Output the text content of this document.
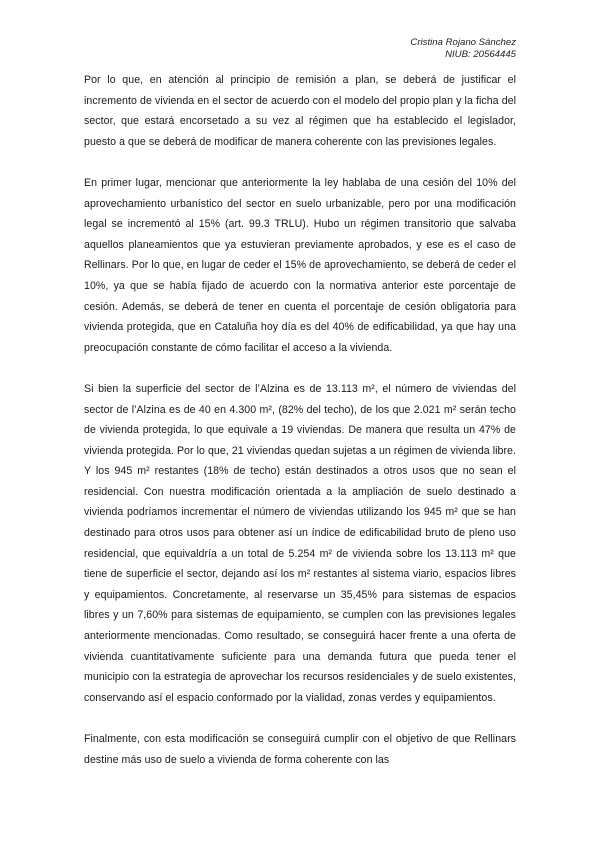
Cristina Rojano Sánchez
NIUB: 20564445

Por lo que, en atención al principio de remisión a plan, se deberá de justificar el incremento de vivienda en el sector de acuerdo con el modelo del propio plan y la ficha del sector, que estará encorsetado a su vez al régimen que ha establecido el legislador, puesto a que se deberá de modificar de manera coherente con las previsiones legales.

En primer lugar, mencionar que anteriormente la ley hablaba de una cesión del 10% del aprovechamiento urbanístico del sector en suelo urbanizable, pero por una modificación legal se incrementó al 15% (art. 99.3 TRLU). Hubo un régimen transitorio que salvaba aquellos planeamientos que ya estuvieran previamente aprobados, y ese es el caso de Rellinars. Por lo que, en lugar de ceder el 15% de aprovechamiento, se deberá de ceder el 10%, ya que se había fijado de acuerdo con la normativa anterior este porcentaje de cesión. Además, se deberá de tener en cuenta el porcentaje de cesión obligatoria para vivienda protegida, que en Cataluña hoy día es del 40% de edificabilidad, ya que hay una preocupación constante de cómo facilitar el acceso a la vivienda.

Si bien la superficie del sector de l’Alzina es de 13.113 m², el número de viviendas del sector de l’Alzina es de 40 en 4.300 m², (82% del techo), de los que 2.021 m² serán techo de vivienda protegida, lo que equivale a 19 viviendas. De manera que resulta un 47% de vivienda protegida. Por lo que, 21 viviendas quedan sujetas a un régimen de vivienda libre. Y los 945 m² restantes (18% de techo) están destinados a otros usos que no sean el residencial. Con nuestra modificación orientada a la ampliación de suelo destinado a vivienda podríamos incrementar el número de viviendas utilizando los 945 m² que se han destinado para otros usos para obtener así un índice de edificabilidad bruto de pleno uso residencial, que equivaldría a un total de 5.254 m² de vivienda sobre los 13.113 m² que tiene de superficie el sector, dejando así los m² restantes al sistema viario, espacios libres y equipamientos. Concretamente, al reservarse un 35,45% para sistemas de espacios libres y un 7,60% para sistemas de equipamiento, se cumplen con las previsiones legales anteriormente mencionadas. Como resultado, se conseguirá hacer frente a una oferta de vivienda cuantitativamente suficiente para una demanda futura que pueda tener el municipio con la estrategia de aprovechar los recursos residenciales y de suelo existentes, conservando así el espacio conformado por la vialidad, zonas verdes y equipamientos.

Finalmente, con esta modificación se conseguirá cumplir con el objetivo de que Rellinars destine más uso de suelo a vivienda de forma coherente con las
